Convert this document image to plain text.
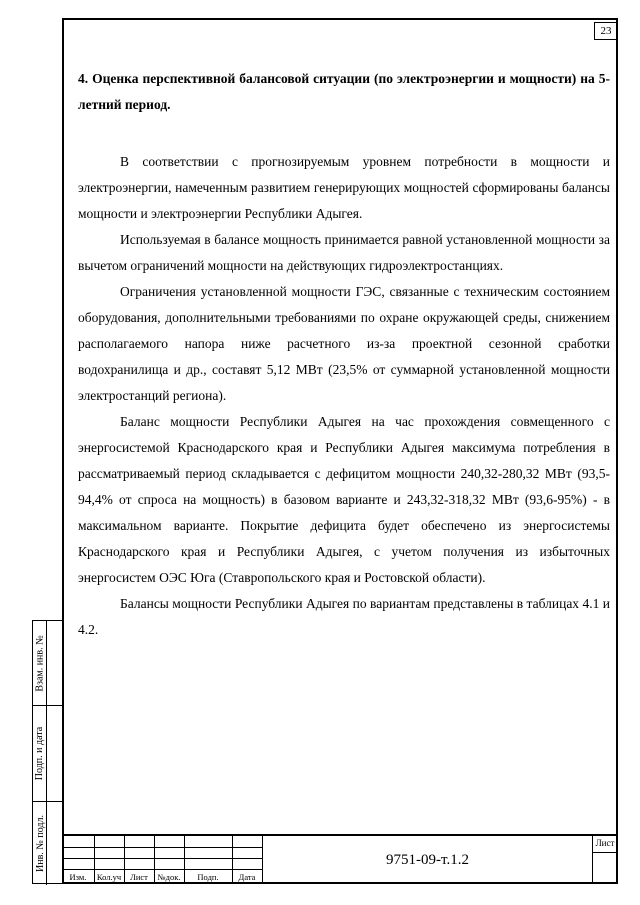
23

4. Оценка перспективной балансовой ситуации (по электроэнергии и мощности) на 5-летний период.

В соответствии с прогнозируемым уровнем потребности в мощности и электроэнергии, намеченным развитием генерирующих мощностей сформированы балансы мощности и электроэнергии Республики Адыгея.

Используемая в балансе мощность принимается равной установленной мощности за вычетом ограничений мощности на действующих гидроэлектростанциях.

Ограничения установленной мощности ГЭС, связанные с техническим состоянием оборудования, дополнительными требованиями по охране окружающей среды, снижением располагаемого напора ниже расчетного из-за проектной сезонной сработки водохранилища и др., составят 5,12 МВт (23,5% от суммарной установленной мощности электростанций региона).

Баланс мощности Республики Адыгея на час прохождения совмещенного с энергосистемой Краснодарского края и Республики Адыгея максимума потребления в рассматриваемый период складывается с дефицитом мощности 240,32-280,32 МВт (93,5-94,4% от спроса на мощность) в базовом варианте и 243,32-318,32 МВт (93,6-95%) - в максимальном варианте. Покрытие дефицита будет обеспечено из энергосистемы Краснодарского края и Республики Адыгея, с учетом получения из избыточных энергосистем ОЭС Юга (Ставропольского края и Ростовской области).

Балансы мощности Республики Адыгея по вариантам представлены в таблицах 4.1 и 4.2.

Взам. инв. №
Подп. и дата
Инв. № подл.
Изм.	Кол.уч	Лист	№док.	Подп.	Дата
9751-09-т.1.2
Лист
